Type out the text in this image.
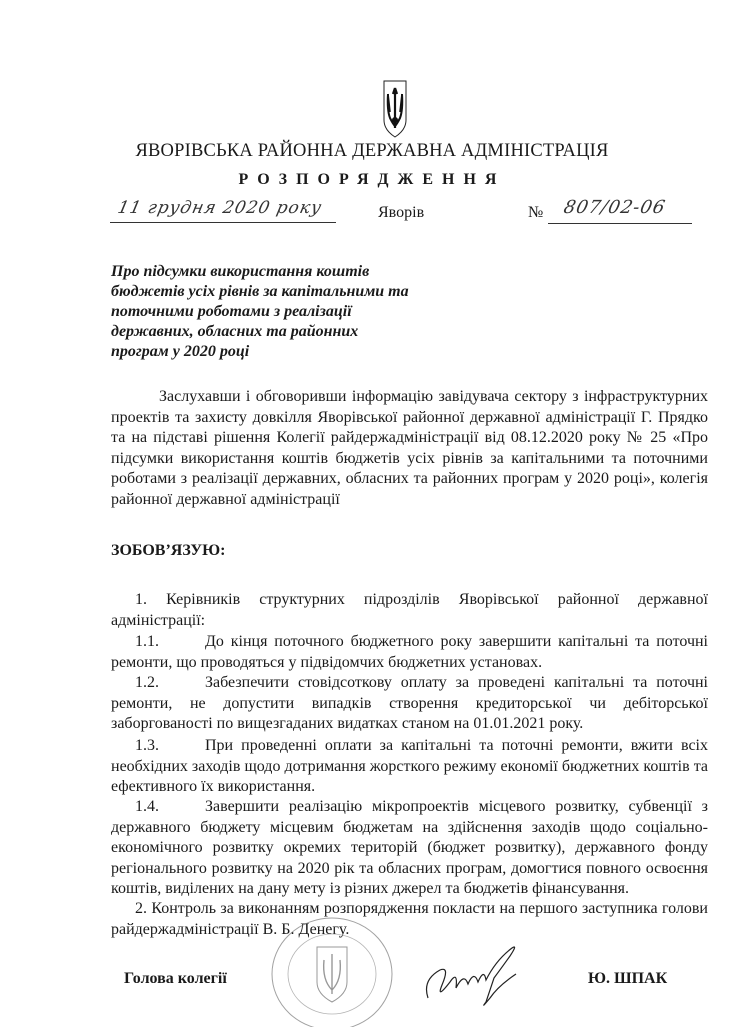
ЯВОРІВСЬКА РАЙОННА ДЕРЖАВНА АДМІНІСТРАЦІЯ
РОЗПОРЯДЖЕННЯ
11 грудня 2020 року	Яворів	№ 807/02-06
Про підсумки використання коштів бюджетів усіх рівнів за капітальними та поточними роботами з реалізації державних, обласних та районних програм у 2020 році
Заслухавши і обговоривши інформацію завідувача сектору з інфраструктурних проектів та захисту довкілля Яворівської районної державної адміністрації Г. Прядко та на підставі рішення Колегії райдержадміністрації від 08.12.2020 року № 25 «Про підсумки використання коштів бюджетів усіх рівнів за капітальними та поточними роботами з реалізації державних, обласних та районних програм у 2020 році», колегія районної державної адміністрації
ЗОБОВ’ЯЗУЮ:
1. Керівників структурних підрозділів Яворівської районної державної адміністрації:
1.1.	До кінця поточного бюджетного року завершити капітальні та поточні ремонти, що проводяться у підвідомчих бюджетних установах.
1.2.	Забезпечити стовідсоткову оплату за проведені капітальні та поточні ремонти, не допустити випадків створення кредиторської чи дебіторської заборгованості по вищезгаданих видатках станом на 01.01.2021 року.
1.3.	При проведенні оплати за капітальні та поточні ремонти, вжити всіх необхідних заходів щодо дотримання жорсткого режиму економії бюджетних коштів та ефективного їх використання.
1.4.	Завершити реалізацію мікропроектів місцевого розвитку, субвенції з державного бюджету місцевим бюджетам на здійснення заходів щодо соціально-економічного розвитку окремих територій (бюджет розвитку), державного фонду регіонального розвитку на 2020 рік та обласних програм, домогтися повного освоєння коштів, виділених на дану мету із різних джерел та бюджетів фінансування.
2. Контроль за виконанням розпорядження покласти на першого заступника голови райдержадміністрації В. Б. Денегу.
Голова колегії	Ю. ШПАК
